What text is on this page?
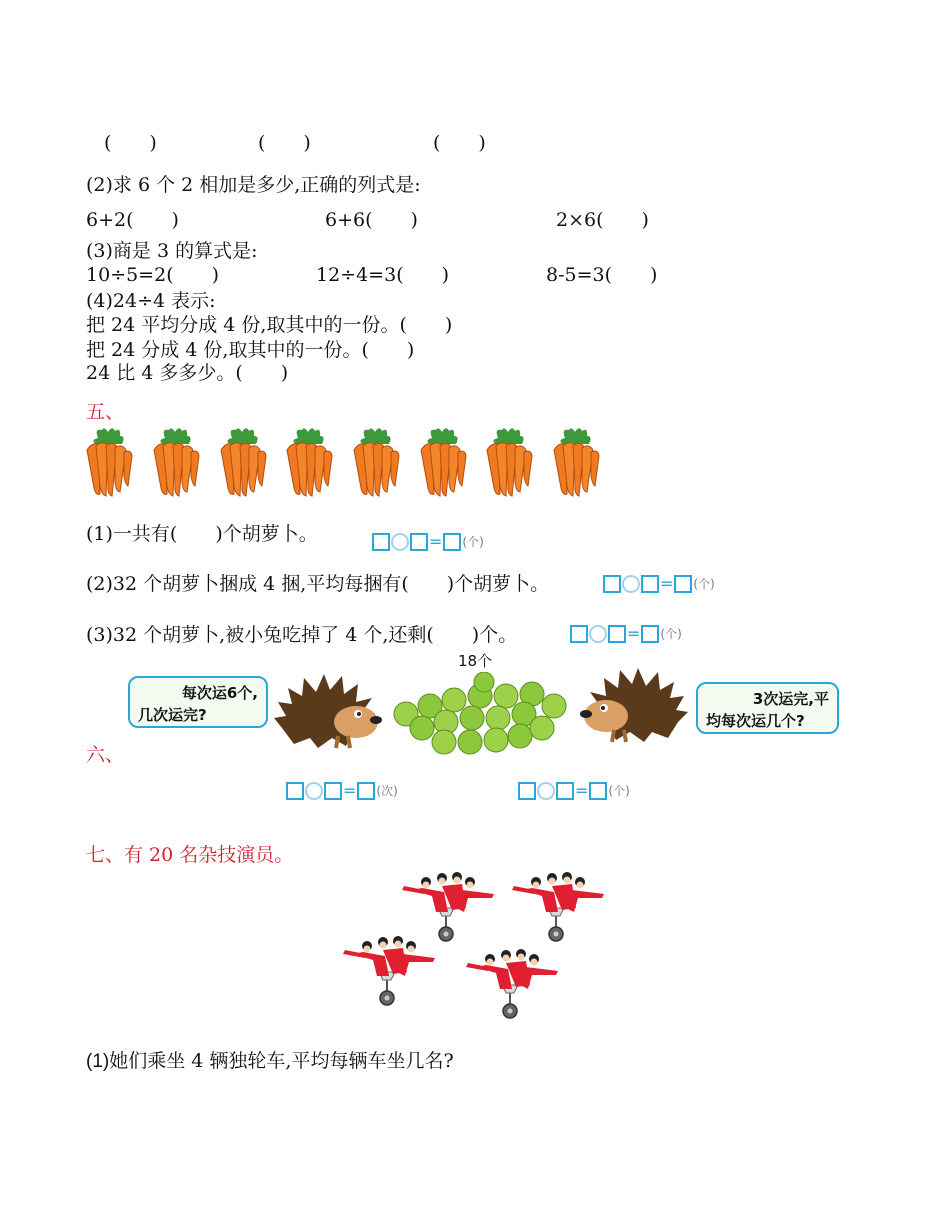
(　　)	(　　)	(　　)
(2)求 6 个 2 相加是多少,正确的列式是:
6+2(　　)	6+6(　　)	2×6(　　)
(3)商是 3 的算式是:
10÷5=2(　　)	12÷4=3(　　)	8-5=3(　　)
(4)24÷4 表示:
把 24 平均分成 4 份,取其中的一份。(　　)
把 24 分成 4 份,取其中的一份。(　　)
24 比 4 多多少。(　　)
五、
(1)一共有(　　)个胡萝卜。	= (个)
(2)32 个胡萝卜捆成 4 捆,平均每捆有(　　)个胡萝卜。	= (个)
(3)32 个胡萝卜,被小兔吃掉了 4 个,还剩(　　)个。	= (个)
18个
每次运6个,
几次运完?
3次运完,平
均每次运几个?
六、
= (次)	= (个)
七、有 20 名杂技演员。
(1)她们乘坐 4 辆独轮车,平均每辆车坐几名?
